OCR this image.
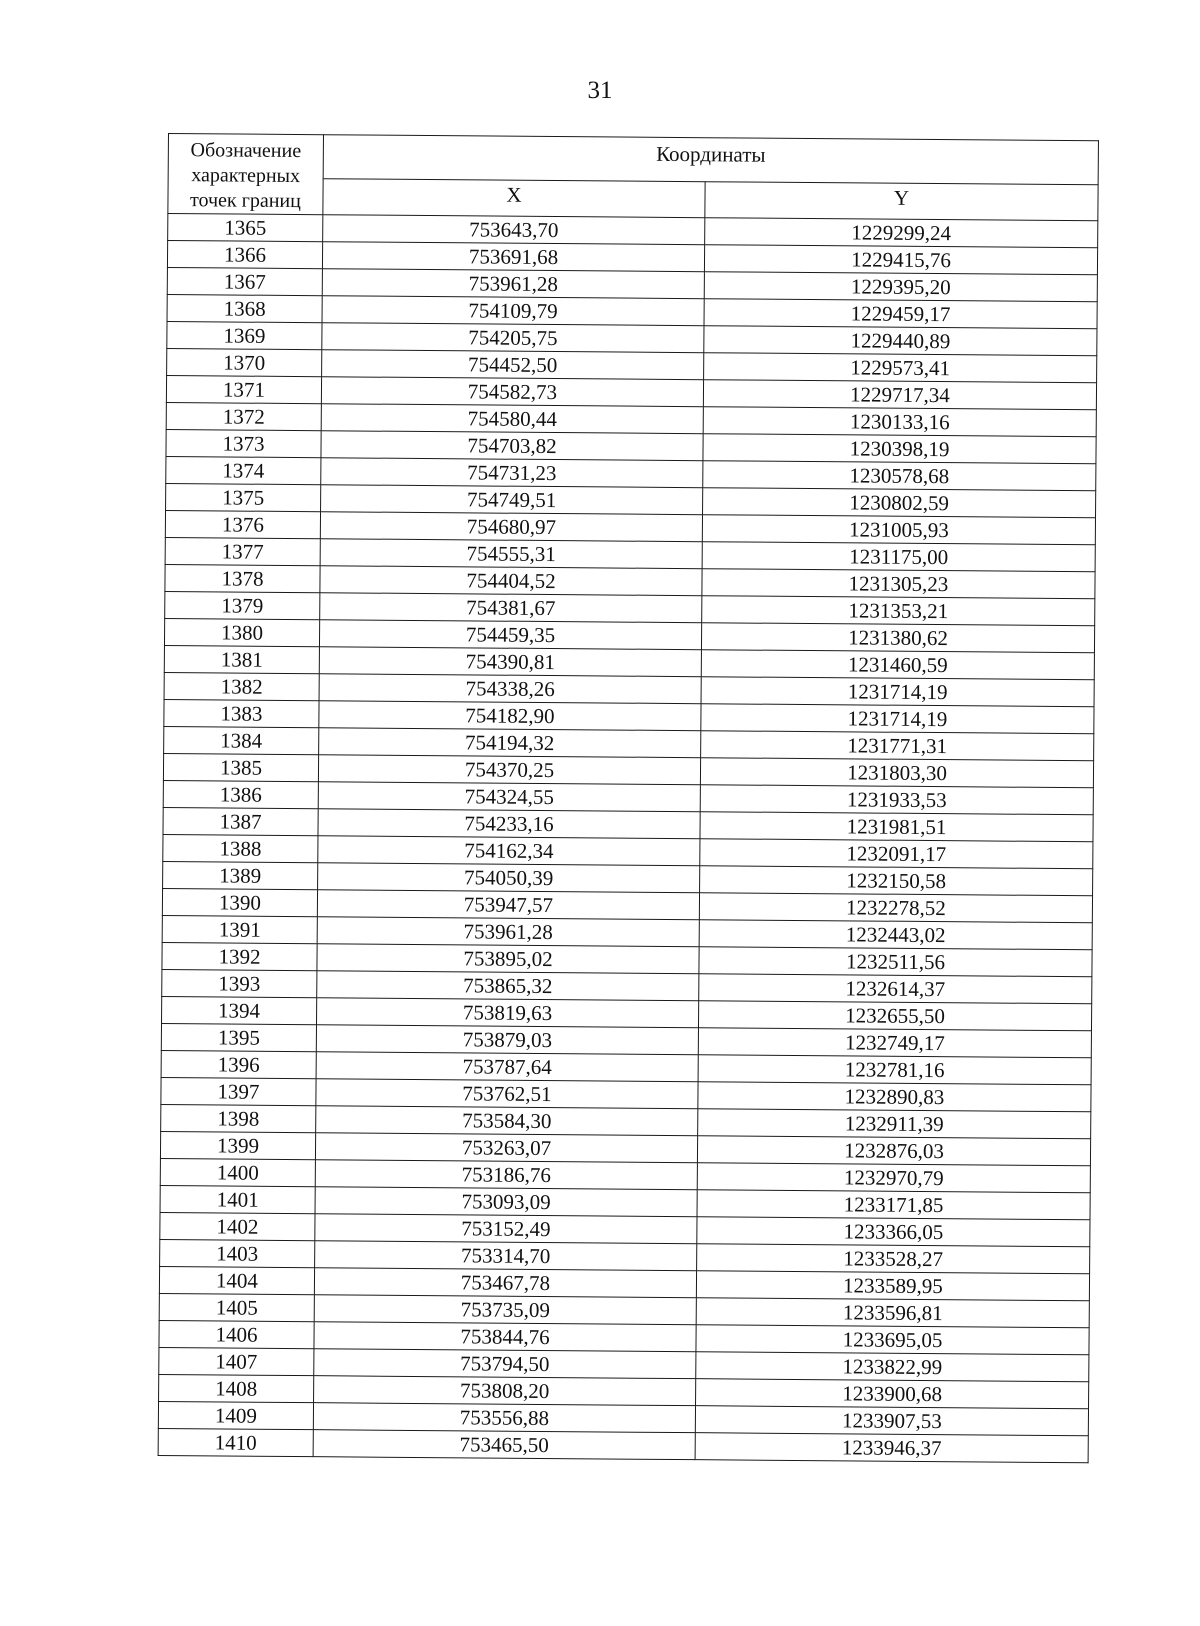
31
Обозначение характерных точек границ	Координаты	
	X	Y
1365	753643,70	1229299,24
1366	753691,68	1229415,76
1367	753961,28	1229395,20
1368	754109,79	1229459,17
1369	754205,75	1229440,89
1370	754452,50	1229573,41
1371	754582,73	1229717,34
1372	754580,44	1230133,16
1373	754703,82	1230398,19
1374	754731,23	1230578,68
1375	754749,51	1230802,59
1376	754680,97	1231005,93
1377	754555,31	1231175,00
1378	754404,52	1231305,23
1379	754381,67	1231353,21
1380	754459,35	1231380,62
1381	754390,81	1231460,59
1382	754338,26	1231714,19
1383	754182,90	1231714,19
1384	754194,32	1231771,31
1385	754370,25	1231803,30
1386	754324,55	1231933,53
1387	754233,16	1231981,51
1388	754162,34	1232091,17
1389	754050,39	1232150,58
1390	753947,57	1232278,52
1391	753961,28	1232443,02
1392	753895,02	1232511,56
1393	753865,32	1232614,37
1394	753819,63	1232655,50
1395	753879,03	1232749,17
1396	753787,64	1232781,16
1397	753762,51	1232890,83
1398	753584,30	1232911,39
1399	753263,07	1232876,03
1400	753186,76	1232970,79
1401	753093,09	1233171,85
1402	753152,49	1233366,05
1403	753314,70	1233528,27
1404	753467,78	1233589,95
1405	753735,09	1233596,81
1406	753844,76	1233695,05
1407	753794,50	1233822,99
1408	753808,20	1233900,68
1409	753556,88	1233907,53
1410	753465,50	1233946,37
